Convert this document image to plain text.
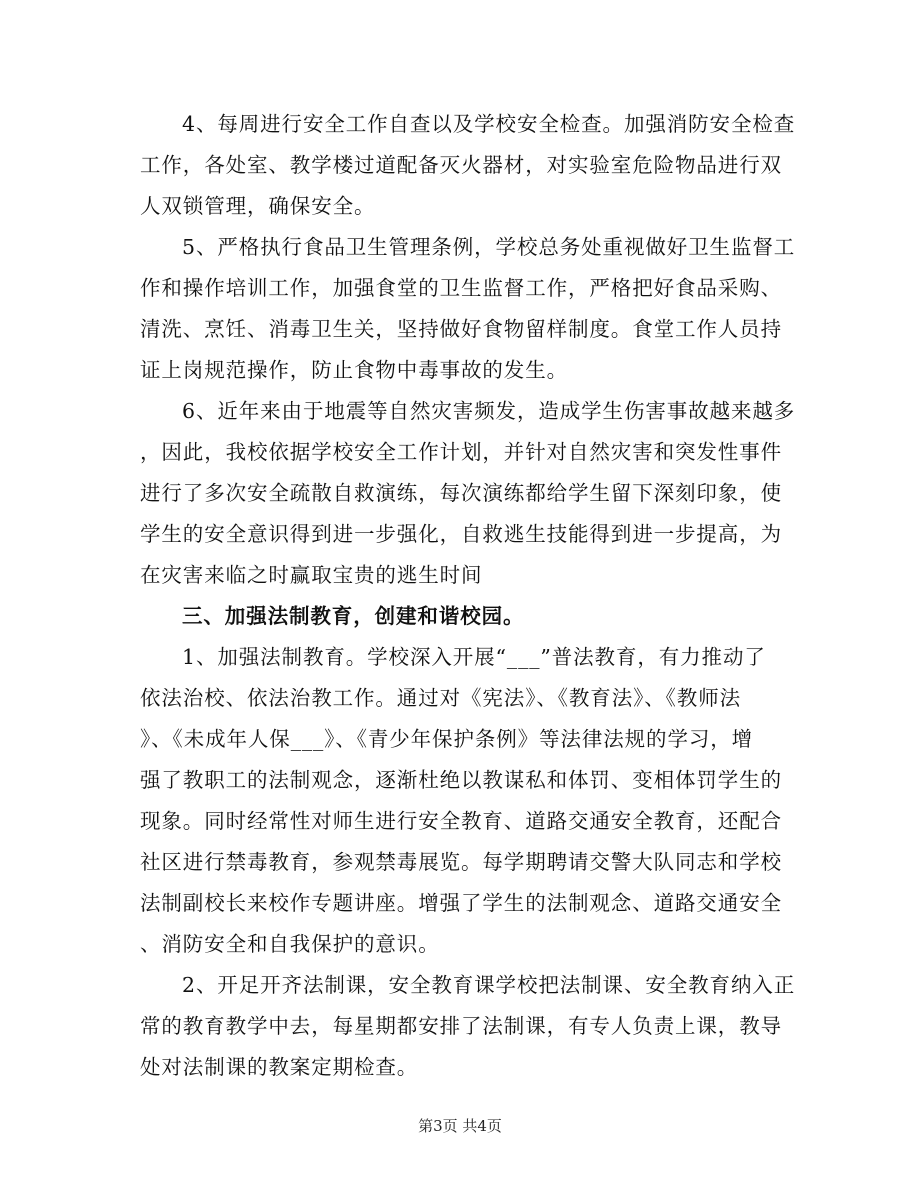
4、每周进行安全工作自查以及学校安全检查。加强消防安全检查
工作，各处室、教学楼过道配备灭火器材，对实验室危险物品进行双
人双锁管理，确保安全。
5、严格执行食品卫生管理条例，学校总务处重视做好卫生监督工
作和操作培训工作，加强食堂的卫生监督工作，严格把好食品采购、
清洗、烹饪、消毒卫生关，坚持做好食物留样制度。食堂工作人员持
证上岗规范操作，防止食物中毒事故的发生。
6、近年来由于地震等自然灾害频发，造成学生伤害事故越来越多
，因此，我校依据学校安全工作计划，并针对自然灾害和突发性事件
进行了多次安全疏散自救演练，每次演练都给学生留下深刻印象，使
学生的安全意识得到进一步强化，自救逃生技能得到进一步提高，为
在灾害来临之时赢取宝贵的逃生时间
三、加强法制教育，创建和谐校园。
1、加强法制教育。学校深入开展“___”普法教育，有力推动了
依法治校、依法治教工作。通过对《宪法》、《教育法》、《教师法
》、《未成年人保___》、《青少年保护条例》等法律法规的学习，增
强了教职工的法制观念，逐渐杜绝以教谋私和体罚、变相体罚学生的
现象。同时经常性对师生进行安全教育、道路交通安全教育，还配合
社区进行禁毒教育，参观禁毒展览。每学期聘请交警大队同志和学校
法制副校长来校作专题讲座。增强了学生的法制观念、道路交通安全
、消防安全和自我保护的意识。
2、开足开齐法制课，安全教育课学校把法制课、安全教育纳入正
常的教育教学中去，每星期都安排了法制课，有专人负责上课，教导
处对法制课的教案定期检查。
第3页 共4页
